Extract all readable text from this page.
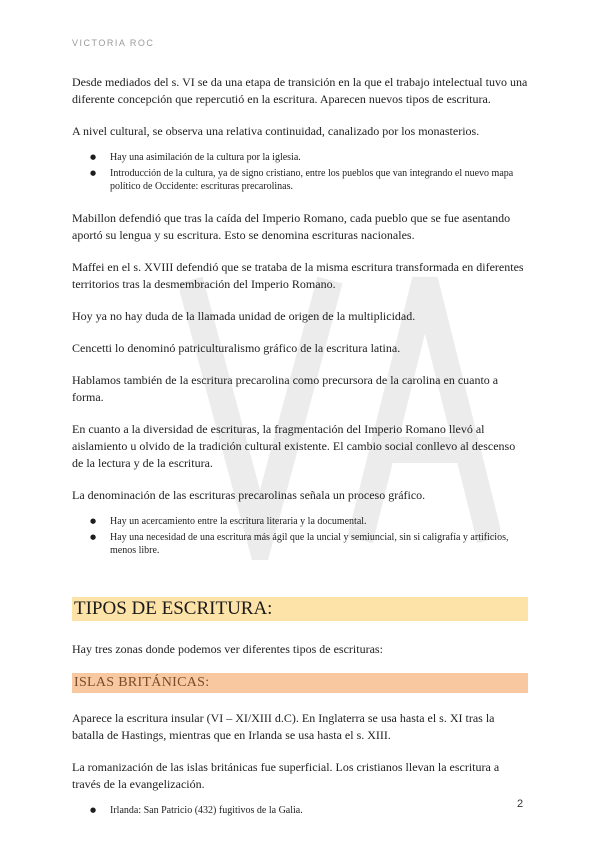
VICTORIA ROC

Desde mediados del s. VI se da una etapa de transición en la que el trabajo intelectual tuvo una diferente concepción que repercutió en la escritura. Aparecen nuevos tipos de escritura.

A nivel cultural, se observa una relativa continuidad, canalizado por los monasterios.

● Hay una asimilación de la cultura por la iglesia.
● Introducción de la cultura, ya de signo cristiano, entre los pueblos que van integrando el nuevo mapa político de Occidente: escrituras precarolinas.

Mabillon defendió que tras la caída del Imperio Romano, cada pueblo que se fue asentando aportó su lengua y su escritura. Esto se denomina escrituras nacionales.

Maffei en el s. XVIII defendió que se trataba de la misma escritura transformada en diferentes territorios tras la desmembración del Imperio Romano.

Hoy ya no hay duda de la llamada unidad de origen de la multiplicidad.

Cencetti lo denominó patriculturalismo gráfico de la escritura latina.

Hablamos también de la escritura precarolina como precursora de la carolina en cuanto a forma.

En cuanto a la diversidad de escrituras, la fragmentación del Imperio Romano llevó al aislamiento u olvido de la tradición cultural existente. El cambio social conllevo al descenso de la lectura y de la escritura.

La denominación de las escrituras precarolinas señala un proceso gráfico.

● Hay un acercamiento entre la escritura literaria y la documental.
● Hay una necesidad de una escritura más ágil que la uncial y semiuncial, sin si caligrafía y artificios, menos libre.
TIPOS DE ESCRITURA:

Hay tres zonas donde podemos ver diferentes tipos de escrituras:

ISLAS BRITÁNICAS:

Aparece la escritura insular (VI – XI/XIII d.C). En Inglaterra se usa hasta el s. XI tras la batalla de Hastings, mientras que en Irlanda se usa hasta el s. XIII.

La romanización de las islas británicas fue superficial. Los cristianos llevan la escritura a través de la evangelización.

● Irlanda: San Patricio (432) fugitivos de la Galia.
2
